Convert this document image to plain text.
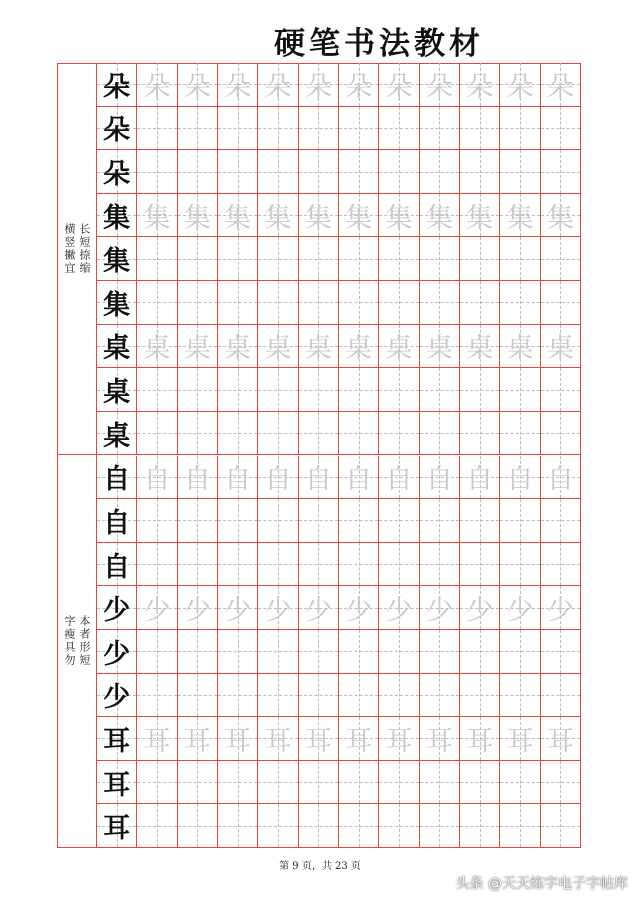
硬笔书法教材
长短捺缩
横竖撇宜
本者形短
字瘦具勿
朵 朵 朵 朵 朵 朵 朵 朵 朵 朵 朵 朵
朵
朵
集 集 集 集 集 集 集 集 集 集 集 集
集
集
桌 桌 桌 桌 桌 桌 桌 桌 桌 桌 桌 桌
桌
桌
自 自 自 自 自 自 自 自 自 自 自 自
自
自
少 少 少 少 少 少 少 少 少 少 少 少
少
少
耳 耳 耳 耳 耳 耳 耳 耳 耳 耳 耳 耳
耳
耳
第 9 页，共 23 页
头条 @天天练字电子字帖库
